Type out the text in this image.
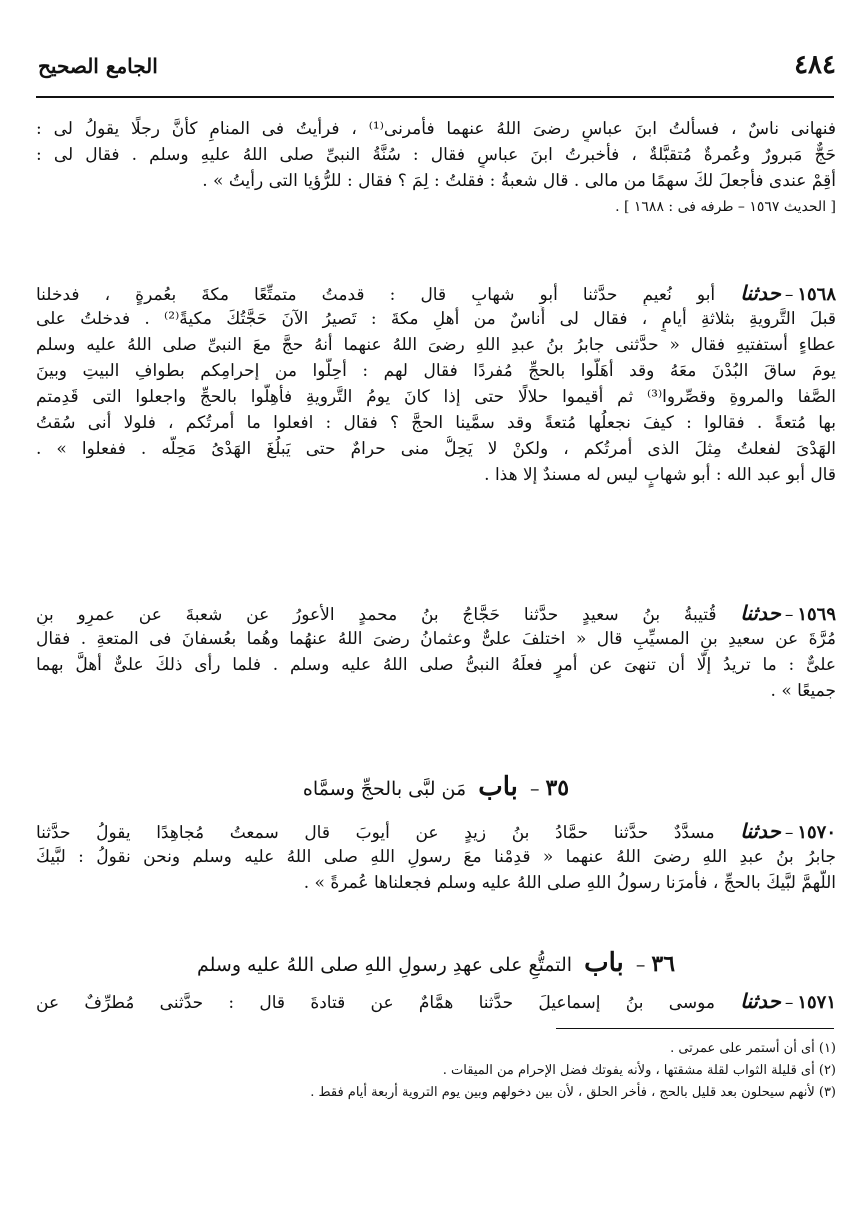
٤٨٤
الجامع الصحيح
فنهانى ناسٌ ، فسألتُ ابنَ عباسٍ رضىَ اللهُ عنهما فأمرنى⁽¹⁾ ، فرأيتُ فى المنامِ كأنَّ رجلًا يقولُ لى :
حَجٌّ مَبرورٌ وعُمرةٌ مُتقبَّلةٌ ، فأخبرتُ ابنَ عباسٍ فقال : سُنَّةُ النبىِّ صلى اللهُ عليهِ وسلم . فقال لى :
أقِمْ عندى فأجعلَ لكَ سهمًا من مالى . قال شعبةُ : فقلتُ : لِمَ ؟ فقال : للرُّؤيا التى رأيتُ » .
[ الحديث ١٥٦٧ – طرفه فى : ١٦٨٨ ] .
١٥٦٨–حدثنا أبو نُعيمٍ حدَّثنا أبو شهابٍ قال : قدمتُ متمتِّعًا مكةَ بعُمرةٍ ، فدخلنا
قبلَ التَّرويةِ بثلاثةِ أيامٍ ، فقال لى أُناسٌ من أهلِ مكةَ : تَصيرُ الآنَ حَجَّتُكَ مكيةً⁽²⁾ . فدخلتُ على
عطاءٍ أستفتيهِ فقال « حدَّثنى جابرُ بنُ عبدِ اللهِ رضىَ اللهُ عنهما أنهُ حجَّ معَ النبىِّ صلى اللهُ عليه وسلم
يومَ ساقَ البُدْنَ معَهُ وقد أهَلُّوا بالحجِّ مُفردًا فقال لهم : أحِلُّوا من إحرامِكم بطوافِ البيتِ وبينَ
الصَّفا والمروةِ وقصِّروا⁽³⁾ ثم أقيموا حلالًا حتى إذا كانَ يومُ التَّرويةِ فأهِلُّوا بالحجِّ واجعلوا التى قَدِمتم
بها مُتعةً . فقالوا : كيفَ نجعلُها مُتعةً وقد سمَّينا الحجَّ ؟ فقال : افعلوا ما أمرتُكم ، فلولا أنى سُقتُ
الهَدْىَ لفعلتُ مِثلَ الذى أمرتُكم ، ولكنْ لا يَحِلُّ منى حرامٌ حتى يَبلُغَ الهَدْىُ مَحِلَّه . ففعلوا » .
قال أبو عبد الله : أبو شهابٍ ليس له مسندٌ إلا هذا .
١٥٦٩–حدثنا قُتيبةُ بنُ سعيدٍ حدَّثنا حَجَّاجُ بنُ محمدٍ الأعورُ عن شعبةَ عن عمرِو بنِ
مُرَّةَ عن سعيدِ بنِ المسيِّبِ قال « اختلفَ علىٌّ وعثمانُ رضىَ اللهُ عنهُما وهُما بعُسفانَ فى المتعةِ . فقال
علىٌّ : ما تريدُ إلَّا أن تنهىَ عن أمرٍ فعلَهُ النبىُّ صلى اللهُ عليه وسلم . فلما رأى ذلكَ علىٌّ أهلَّ بهما
جميعًا » .
٣٥ – باب مَن لبَّى بالحجِّ وسمَّاه
١٥٧٠–حدثنا مسدَّدٌ حدَّثنا حمَّادُ بنُ زيدٍ عن أيوبَ قال سمعتُ مُجاهِدًا يقولُ حدَّثنا
جابرُ بنُ عبدِ اللهِ رضىَ اللهُ عنهما « قدِمْنا معَ رسولِ اللهِ صلى اللهُ عليه وسلم ونحن نقولُ : لبَّيكَ
اللَّهمَّ لبَّيكَ بالحجِّ ، فأمرَنا رسولُ اللهِ صلى اللهُ عليه وسلم فجعلناها عُمرةً » .
٣٦ – باب التمتُّعِ على عهدِ رسولِ اللهِ صلى اللهُ عليه وسلم
١٥٧١–حدثنا موسى بنُ إسماعيلَ حدَّثنا همَّامٌ عن قتادةَ قال : حدَّثنى مُطرِّفٌ عن
(١) أى أن أستمر على عمرتى .
(٢) أى قليلة الثواب لقلة مشقتها ، ولأنه يفوتك فضل الإحرام من الميقات .
(٣) لأنهم سيحلون بعد قليل بالحج ، فأخر الحلق ، لأن بين دخولهم وبين يوم التروية أربعة أيام فقط .
